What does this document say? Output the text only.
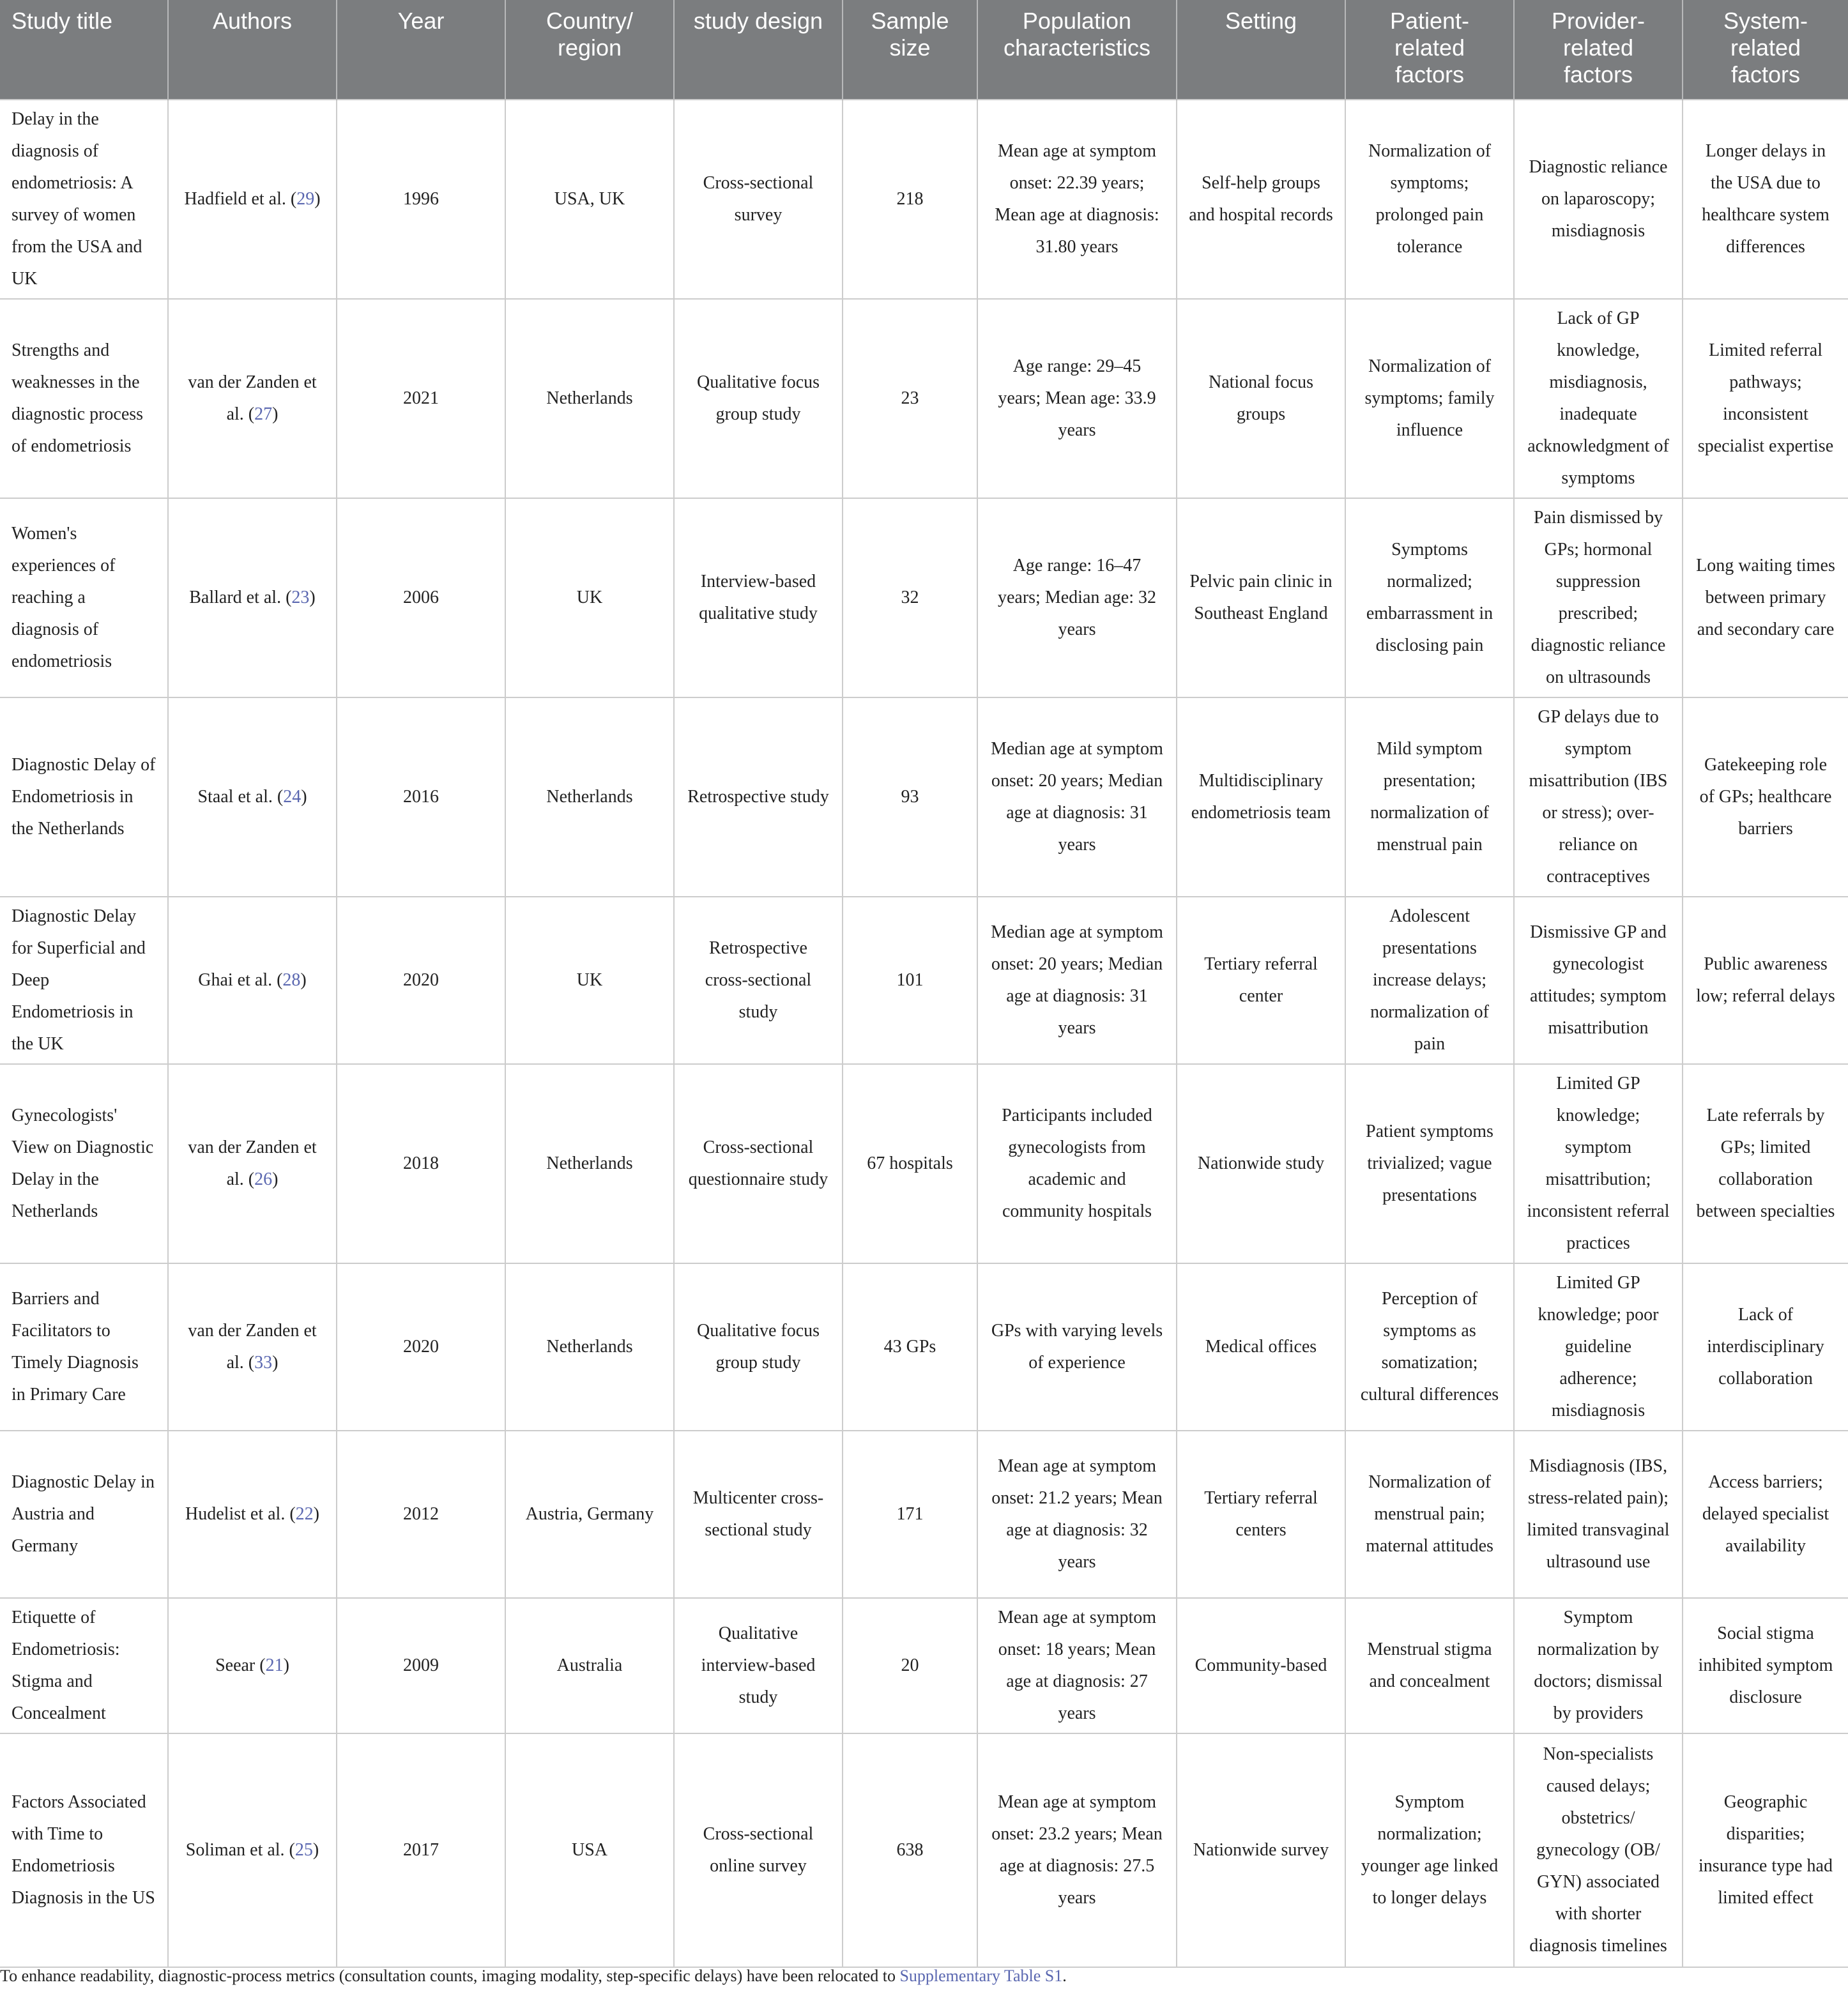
Study title	Authors	Year	Country/ region	study design	Sample size	Population characteristics	Setting	Patient-related factors	Provider-related factors	System-related factors
Delay in the diagnosis of endometriosis: A survey of women from the USA and UK	Hadfield et al. (29)	1996	USA, UK	Cross-sectional survey	218	Mean age at symptom onset: 22.39 years; Mean age at diagnosis: 31.80 years	Self-help groups and hospital records	Normalization of symptoms; prolonged pain tolerance	Diagnostic reliance on laparoscopy; misdiagnosis	Longer delays in the USA due to healthcare system differences
Strengths and weaknesses in the diagnostic process of endometriosis	van der Zanden et al. (27)	2021	Netherlands	Qualitative focus group study	23	Age range: 29–45 years; Mean age: 33.9 years	National focus groups	Normalization of symptoms; family influence	Lack of GP knowledge, misdiagnosis, inadequate acknowledgment of symptoms	Limited referral pathways; inconsistent specialist expertise
Women's experiences of reaching a diagnosis of endometriosis	Ballard et al. (23)	2006	UK	Interview-based qualitative study	32	Age range: 16–47 years; Median age: 32 years	Pelvic pain clinic in Southeast England	Symptoms normalized; embarrassment in disclosing pain	Pain dismissed by GPs; hormonal suppression prescribed; diagnostic reliance on ultrasounds	Long waiting times between primary and secondary care
Diagnostic Delay of Endometriosis in the Netherlands	Staal et al. (24)	2016	Netherlands	Retrospective study	93	Median age at symptom onset: 20 years; Median age at diagnosis: 31 years	Multidisciplinary endometriosis team	Mild symptom presentation; normalization of menstrual pain	GP delays due to symptom misattribution (IBS or stress); over-reliance on contraceptives	Gatekeeping role of GPs; healthcare barriers
Diagnostic Delay for Superficial and Deep Endometriosis in the UK	Ghai et al. (28)	2020	UK	Retrospective cross-sectional study	101	Median age at symptom onset: 20 years; Median age at diagnosis: 31 years	Tertiary referral center	Adolescent presentations increase delays; normalization of pain	Dismissive GP and gynecologist attitudes; symptom misattribution	Public awareness low; referral delays
Gynecologists' View on Diagnostic Delay in the Netherlands	van der Zanden et al. (26)	2018	Netherlands	Cross-sectional questionnaire study	67 hospitals	Participants included gynecologists from academic and community hospitals	Nationwide study	Patient symptoms trivialized; vague presentations	Limited GP knowledge; symptom misattribution; inconsistent referral practices	Late referrals by GPs; limited collaboration between specialties
Barriers and Facilitators to Timely Diagnosis in Primary Care	van der Zanden et al. (33)	2020	Netherlands	Qualitative focus group study	43 GPs	GPs with varying levels of experience	Medical offices	Perception of symptoms as somatization; cultural differences	Limited GP knowledge; poor guideline adherence; misdiagnosis	Lack of interdisciplinary collaboration
Diagnostic Delay in Austria and Germany	Hudelist et al. (22)	2012	Austria, Germany	Multicenter cross-sectional study	171	Mean age at symptom onset: 21.2 years; Mean age at diagnosis: 32 years	Tertiary referral centers	Normalization of menstrual pain; maternal attitudes	Misdiagnosis (IBS, stress-related pain); limited transvaginal ultrasound use	Access barriers; delayed specialist availability
Etiquette of Endometriosis: Stigma and Concealment	Seear (21)	2009	Australia	Qualitative interview-based study	20	Mean age at symptom onset: 18 years; Mean age at diagnosis: 27 years	Community-based	Menstrual stigma and concealment	Symptom normalization by doctors; dismissal by providers	Social stigma inhibited symptom disclosure
Factors Associated with Time to Endometriosis Diagnosis in the US	Soliman et al. (25)	2017	USA	Cross-sectional online survey	638	Mean age at symptom onset: 23.2 years; Mean age at diagnosis: 27.5 years	Nationwide survey	Symptom normalization; younger age linked to longer delays	Non-specialists caused delays; obstetrics/ gynecology (OB/ GYN) associated with shorter diagnosis timelines	Geographic disparities; insurance type had limited effect
To enhance readability, diagnostic-process metrics (consultation counts, imaging modality, step-specific delays) have been relocated to Supplementary Table S1.
